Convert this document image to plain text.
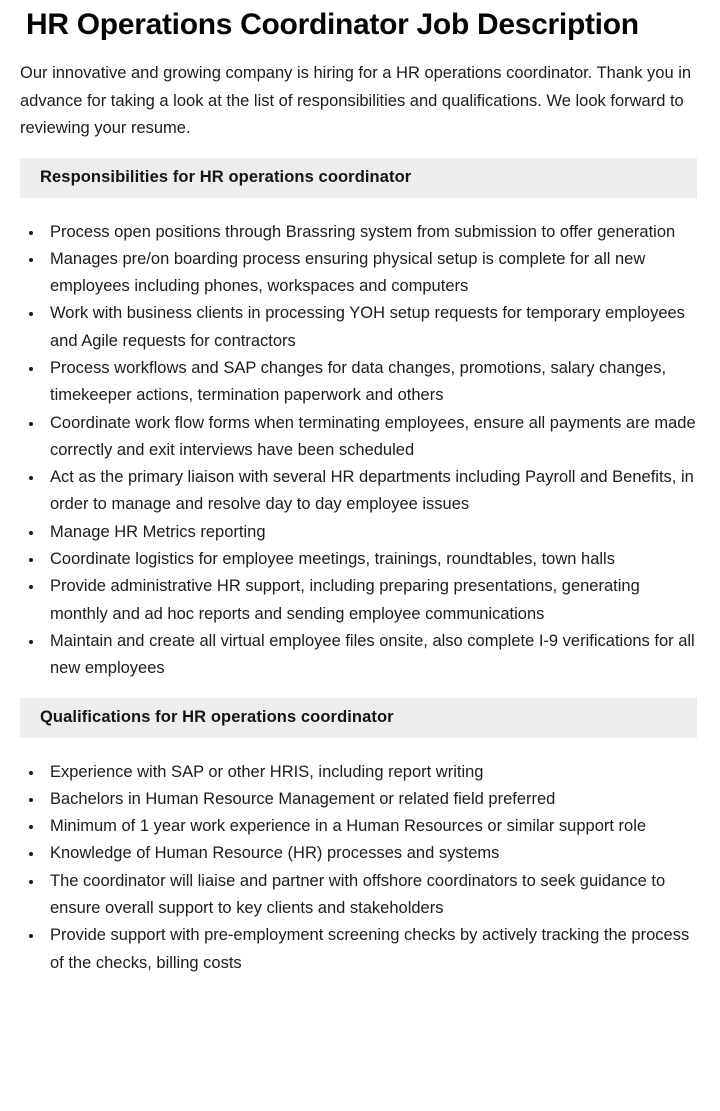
HR Operations Coordinator Job Description

Our innovative and growing company is hiring for a HR operations coordinator. Thank you in advance for taking a look at the list of responsibilities and qualifications. We look forward to reviewing your resume.

Responsibilities for HR operations coordinator
• Process open positions through Brassring system from submission to offer generation
• Manages pre/on boarding process ensuring physical setup is complete for all new employees including phones, workspaces and computers
• Work with business clients in processing YOH setup requests for temporary employees and Agile requests for contractors
• Process workflows and SAP changes for data changes, promotions, salary changes, timekeeper actions, termination paperwork and others
• Coordinate work flow forms when terminating employees, ensure all payments are made correctly and exit interviews have been scheduled
• Act as the primary liaison with several HR departments including Payroll and Benefits, in order to manage and resolve day to day employee issues
• Manage HR Metrics reporting
• Coordinate logistics for employee meetings, trainings, roundtables, town halls
• Provide administrative HR support, including preparing presentations, generating monthly and ad hoc reports and sending employee communications
• Maintain and create all virtual employee files onsite, also complete I-9 verifications for all new employees
Qualifications for HR operations coordinator
• Experience with SAP or other HRIS, including report writing
• Bachelors in Human Resource Management or related field preferred
• Minimum of 1 year work experience in a Human Resources or similar support role
• Knowledge of Human Resource (HR) processes and systems
• The coordinator will liaise and partner with offshore coordinators to seek guidance to ensure overall support to key clients and stakeholders
• Provide support with pre-employment screening checks by actively tracking the process of the checks, billing costs
